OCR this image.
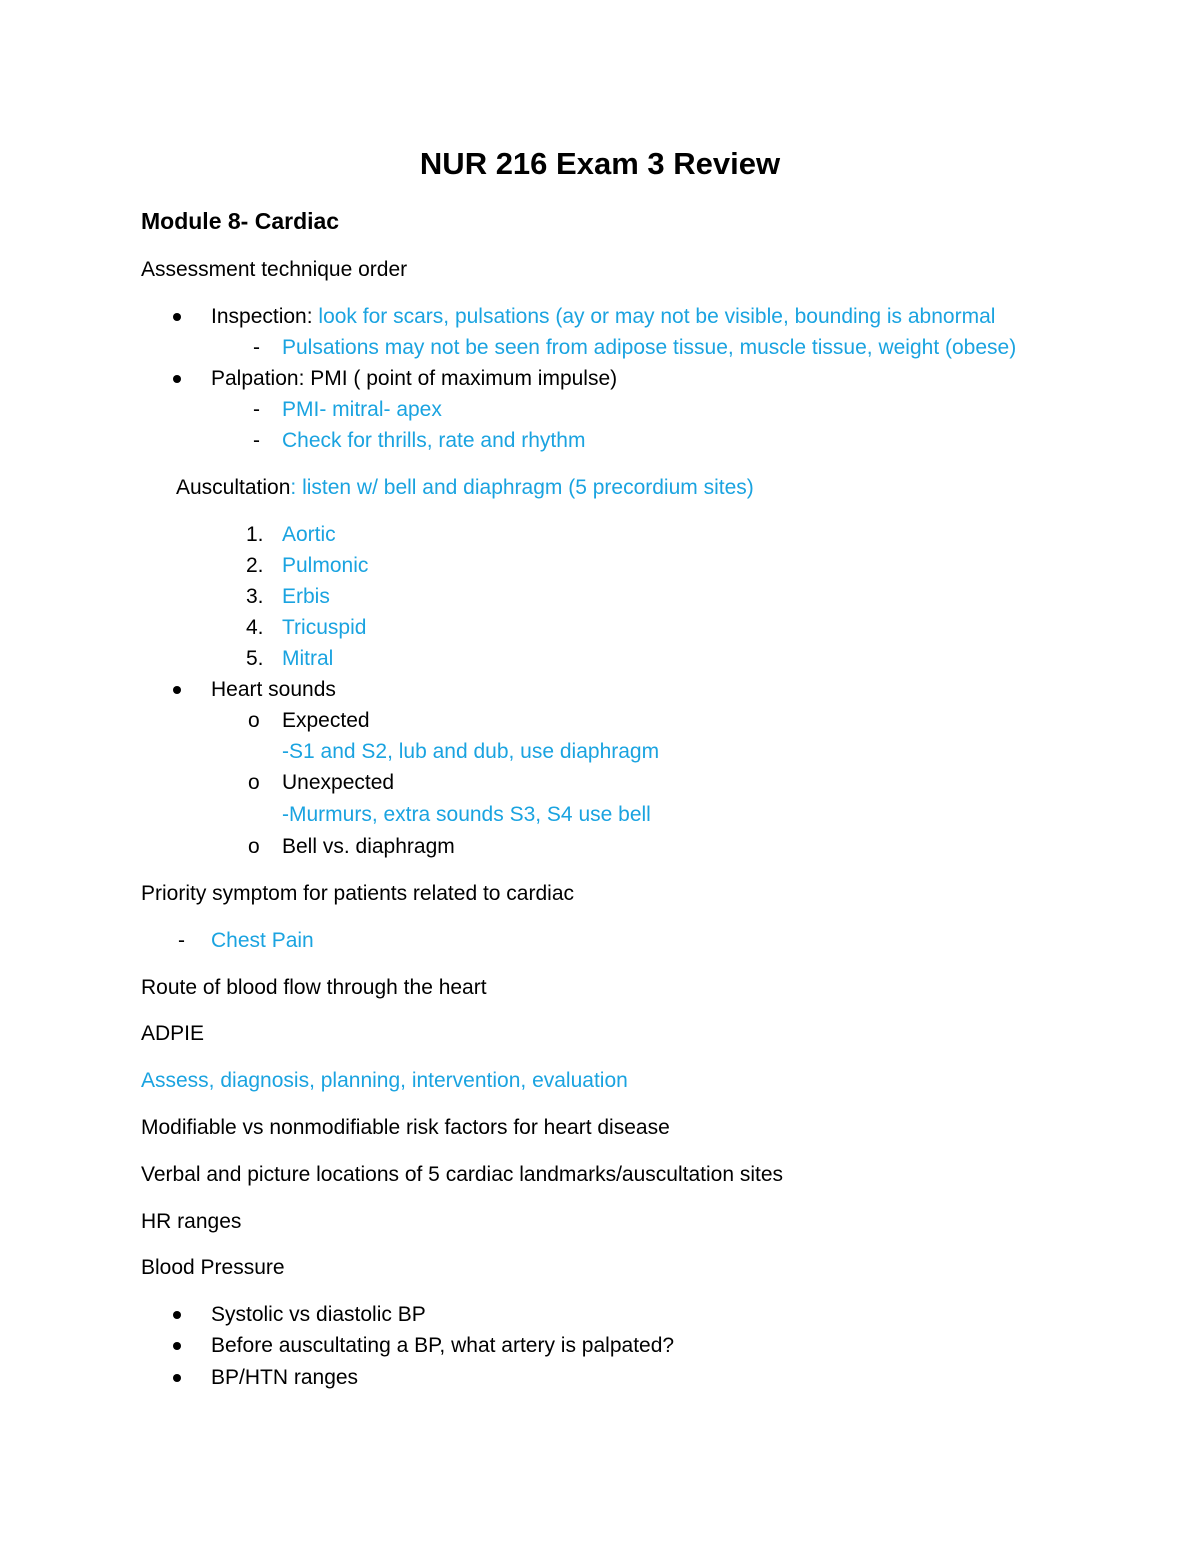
NUR 216 Exam 3 Review
Module 8- Cardiac
Assessment technique order
Inspection: look for scars, pulsations (ay or may not be visible, bounding is abnormal
- Pulsations may not be seen from adipose tissue, muscle tissue, weight (obese)
Palpation: PMI ( point of maximum impulse)
- PMI- mitral- apex
- Check for thrills, rate and rhythm
Auscultation: listen w/ bell and diaphragm (5 precordium sites)
1. Aortic
2. Pulmonic
3. Erbis
4. Tricuspid
5. Mitral
Heart sounds
o Expected
-S1 and S2, lub and dub, use diaphragm
o Unexpected
-Murmurs, extra sounds S3, S4 use bell
o Bell vs. diaphragm
Priority symptom for patients related to cardiac
- Chest Pain
Route of blood flow through the heart
ADPIE
Assess, diagnosis, planning, intervention, evaluation
Modifiable vs nonmodifiable risk factors for heart disease
Verbal and picture locations of 5 cardiac landmarks/auscultation sites
HR ranges
Blood Pressure
Systolic vs diastolic BP
Before auscultating a BP, what artery is palpated?
BP/HTN ranges
